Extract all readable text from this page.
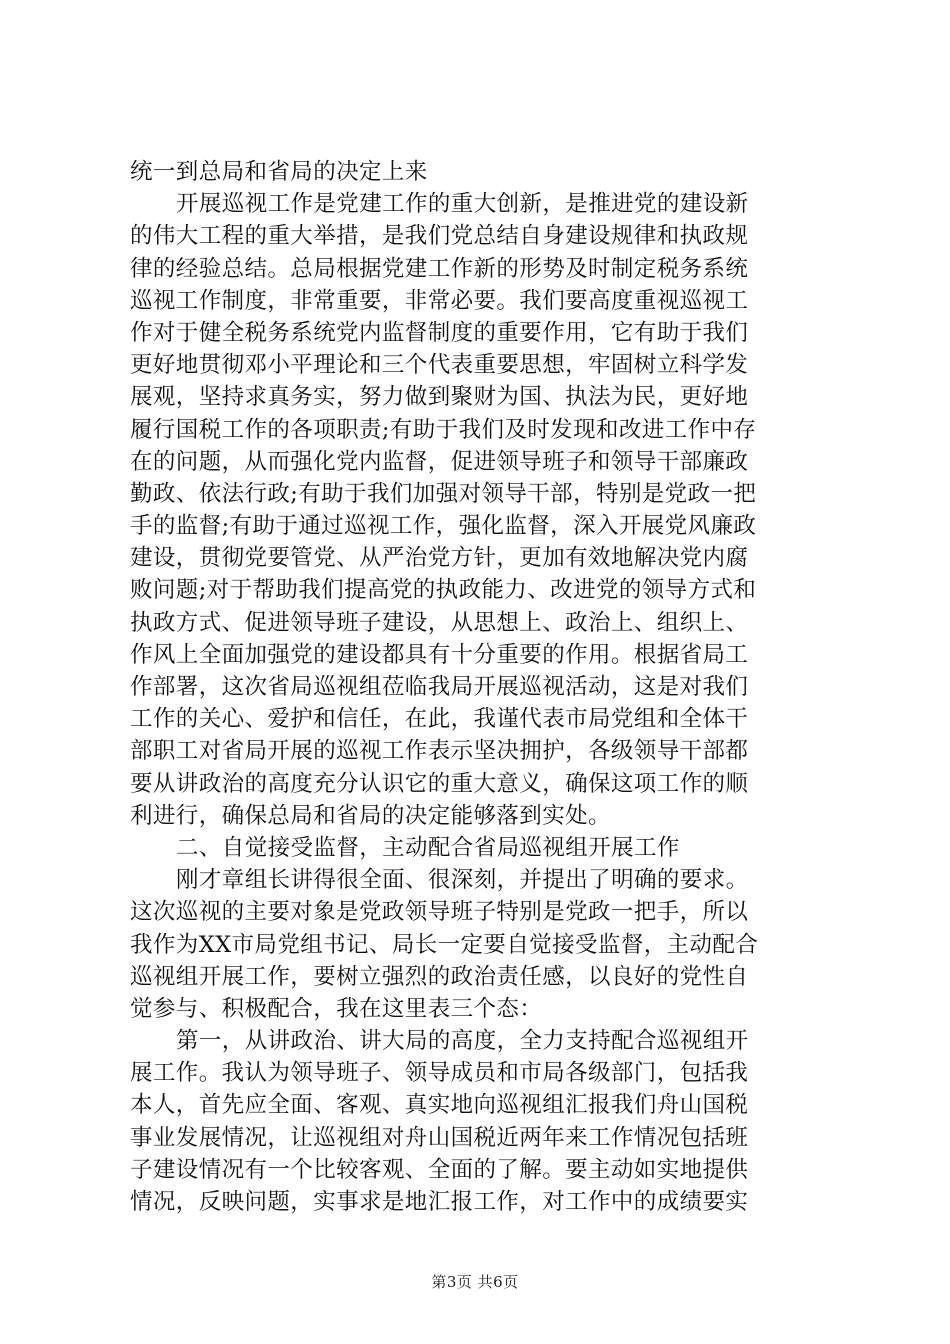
统一到总局和省局的决定上来
开展巡视工作是党建工作的重大创新，是推进党的建设新
的伟大工程的重大举措，是我们党总结自身建设规律和执政规
律的经验总结。总局根据党建工作新的形势及时制定税务系统
巡视工作制度，非常重要，非常必要。我们要高度重视巡视工
作对于健全税务系统党内监督制度的重要作用，它有助于我们
更好地贯彻邓小平理论和三个代表重要思想，牢固树立科学发
展观，坚持求真务实，努力做到聚财为国、执法为民，更好地
履行国税工作的各项职责;有助于我们及时发现和改进工作中存
在的问题，从而强化党内监督，促进领导班子和领导干部廉政
勤政、依法行政;有助于我们加强对领导干部，特别是党政一把
手的监督;有助于通过巡视工作，强化监督，深入开展党风廉政
建设，贯彻党要管党、从严治党方针，更加有效地解决党内腐
败问题;对于帮助我们提高党的执政能力、改进党的领导方式和
执政方式、促进领导班子建设，从思想上、政治上、组织上、
作风上全面加强党的建设都具有十分重要的作用。根据省局工
作部署，这次省局巡视组莅临我局开展巡视活动，这是对我们
工作的关心、爱护和信任，在此，我谨代表市局党组和全体干
部职工对省局开展的巡视工作表示坚决拥护，各级领导干部都
要从讲政治的高度充分认识它的重大意义，确保这项工作的顺
利进行，确保总局和省局的决定能够落到实处。
二、自觉接受监督，主动配合省局巡视组开展工作
刚才章组长讲得很全面、很深刻，并提出了明确的要求。
这次巡视的主要对象是党政领导班子特别是党政一把手，所以
我作为XX市局党组书记、局长一定要自觉接受监督，主动配合
巡视组开展工作，要树立强烈的政治责任感，以良好的党性自
觉参与、积极配合，我在这里表三个态：
第一，从讲政治、讲大局的高度，全力支持配合巡视组开
展工作。我认为领导班子、领导成员和市局各级部门，包括我
本人，首先应全面、客观、真实地向巡视组汇报我们舟山国税
事业发展情况，让巡视组对舟山国税近两年来工作情况包括班
子建设情况有一个比较客观、全面的了解。要主动如实地提供
情况，反映问题，实事求是地汇报工作，对工作中的成绩要实
第3页 共6页
